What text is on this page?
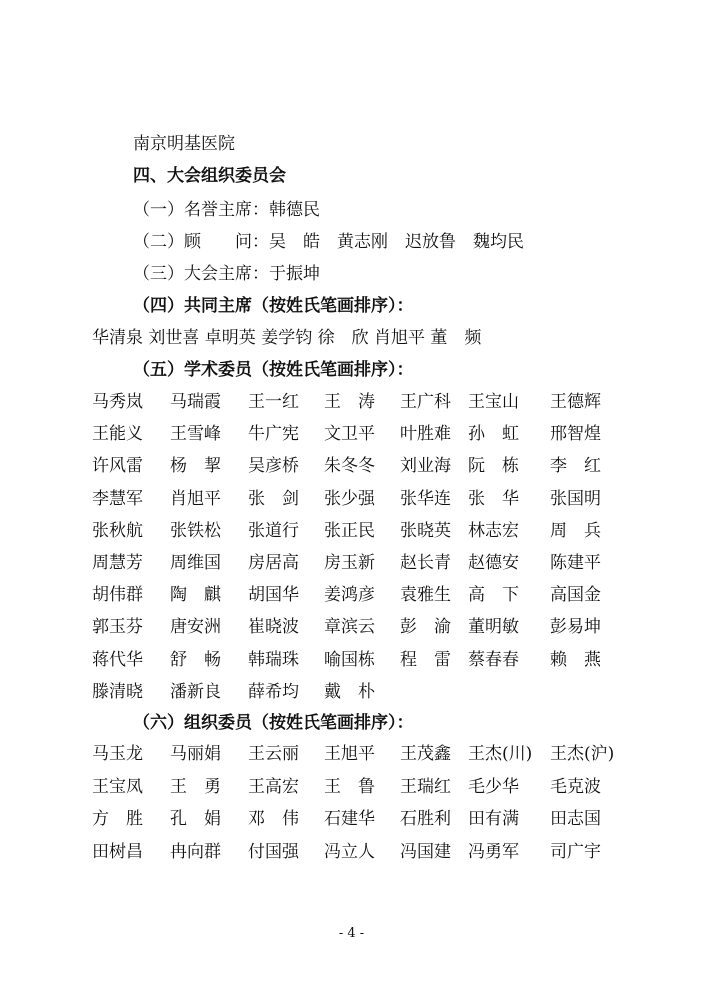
南京明基医院
四、大会组织委员会
（一）名誉主席：韩德民
（二）顾　　问：吴　皓　黄志刚　迟放鲁　魏均民
（三）大会主席：于振坤
（四）共同主席（按姓氏笔画排序）：
华清泉 刘世喜 卓明英 姜学钧 徐　欣 肖旭平 董　频
（五）学术委员（按姓氏笔画排序）：
马秀岚	马瑞霞	王一红	王　涛	王广科	王宝山	王德辉
王能义	王雪峰	牛广宪	文卫平	叶胜难	孙　虹	邢智煌
许风雷	杨　挈	吴彦桥	朱冬冬	刘业海	阮　栋	李　红
李慧军	肖旭平	张　剑	张少强	张华连	张　华	张国明
张秋航	张铁松	张道行	张正民	张晓英	林志宏	周　兵
周慧芳	周维国	房居高	房玉新	赵长青	赵德安	陈建平
胡伟群	陶　麒	胡国华	姜鸿彦	袁雅生	高　下	高国金
郭玉芬	唐安洲	崔晓波	章滨云	彭　渝	董明敏	彭易坤
蒋代华	舒　畅	韩瑞珠	喻国栋	程　雷	蔡春春	赖　燕
滕清晓	潘新良	薛希均	戴　朴
（六）组织委员（按姓氏笔画排序）：
马玉龙	马丽娟	王云丽	王旭平	王茂鑫	王杰(川)	王杰(沪)
王宝凤	王　勇	王高宏	王　鲁	王瑞红	毛少华	毛克波
方　胜	孔　娟	邓　伟	石建华	石胜利	田有满	田志国
田树昌	冉向群	付国强	冯立人	冯国建	冯勇军	司广宇
- 4 -
